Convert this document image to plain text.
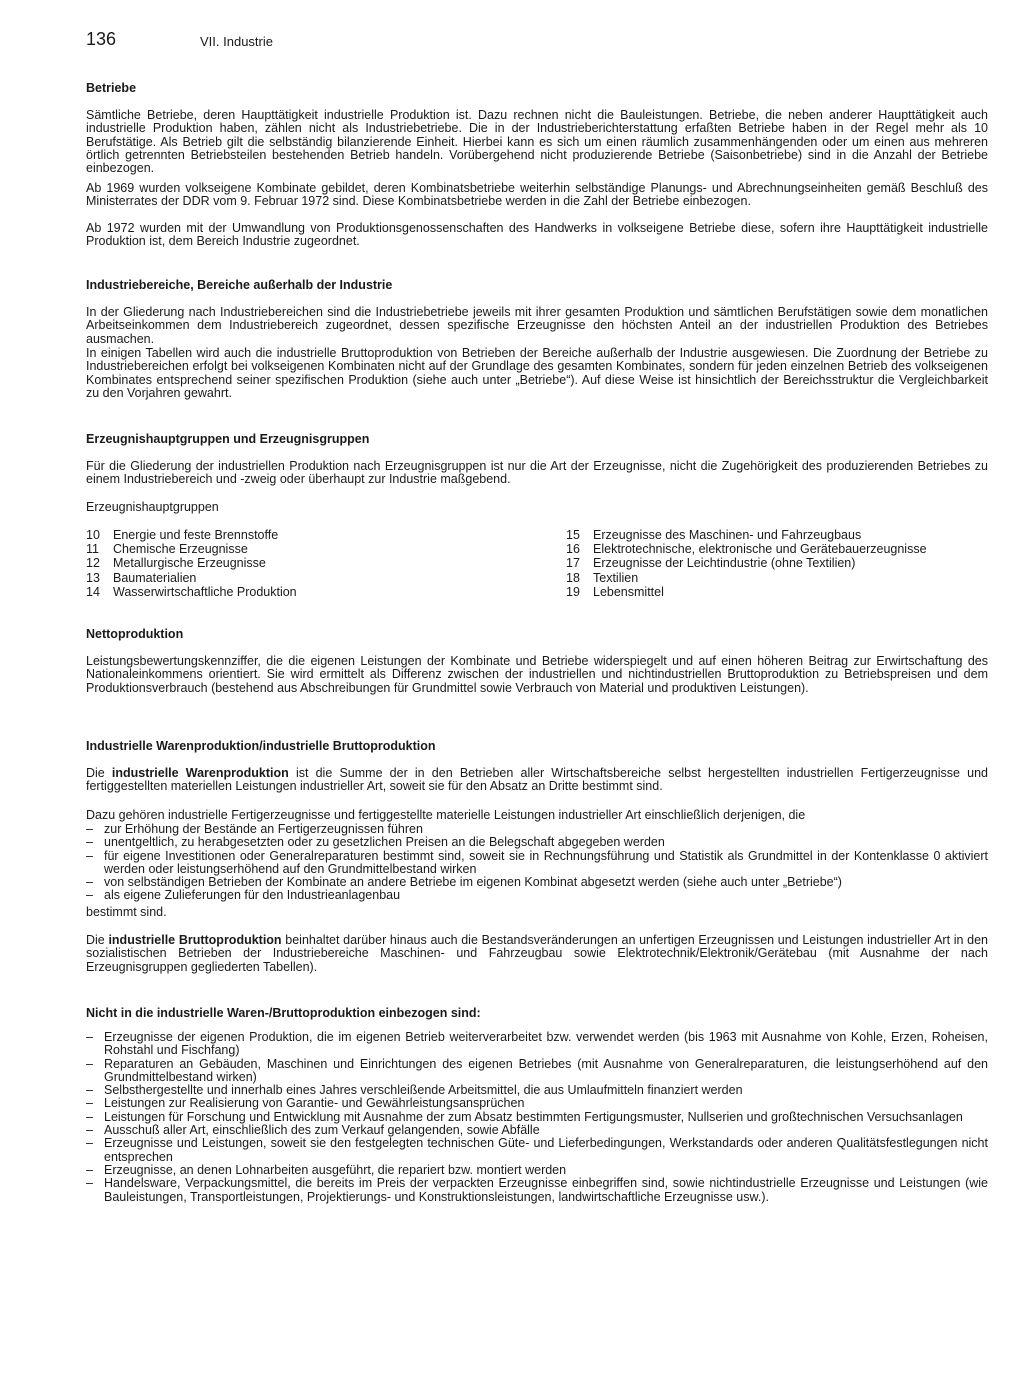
136	VII. Industrie
Betriebe
Sämtliche Betriebe, deren Haupttätigkeit industrielle Produktion ist. Dazu rechnen nicht die Bauleistungen. Betriebe, die neben anderer Haupttätigkeit auch industrielle Produktion haben, zählen nicht als Industriebetriebe. Die in der Industrieberichterstattung erfaßten Betriebe haben in der Regel mehr als 10 Berufstätige. Als Betrieb gilt die selbständig bilanzierende Einheit. Hierbei kann es sich um einen räumlich zusammenhängenden oder um einen aus mehreren örtlich getrennten Betriebsteilen bestehenden Betrieb handeln. Vorübergehend nicht produzierende Betriebe (Saisonbetriebe) sind in die Anzahl der Betriebe einbezogen.
Ab 1969 wurden volkseigene Kombinate gebildet, deren Kombinatsbetriebe weiterhin selbständige Planungs- und Abrechnungseinheiten gemäß Beschluß des Ministerrates der DDR vom 9. Februar 1972 sind. Diese Kombinatsbetriebe werden in die Zahl der Betriebe einbezogen.
Ab 1972 wurden mit der Umwandlung von Produktionsgenossenschaften des Handwerks in volkseigene Betriebe diese, sofern ihre Haupttätigkeit industrielle Produktion ist, dem Bereich Industrie zugeordnet.
Industriebereiche, Bereiche außerhalb der Industrie
In der Gliederung nach Industriebereichen sind die Industriebetriebe jeweils mit ihrer gesamten Produktion und sämtlichen Berufstätigen sowie dem monatlichen Arbeitseinkommen dem Industriebereich zugeordnet, dessen spezifische Erzeugnisse den höchsten Anteil an der industriellen Produktion des Betriebes ausmachen.
In einigen Tabellen wird auch die industrielle Bruttoproduktion von Betrieben der Bereiche außerhalb der Industrie ausgewiesen. Die Zuordnung der Betriebe zu Industriebereichen erfolgt bei volkseigenen Kombinaten nicht auf der Grundlage des gesamten Kombinates, sondern für jeden einzelnen Betrieb des volkseigenen Kombinates entsprechend seiner spezifischen Produktion (siehe auch unter „Betriebe“). Auf diese Weise ist hinsichtlich der Bereichsstruktur die Vergleichbarkeit zu den Vorjahren gewahrt.
Erzeugnishauptgruppen und Erzeugnisgruppen
Für die Gliederung der industriellen Produktion nach Erzeugnisgruppen ist nur die Art der Erzeugnisse, nicht die Zugehörigkeit des produzierenden Betriebes zu einem Industriebereich und -zweig oder überhaupt zur Industrie maßgebend.
Erzeugnishauptgruppen
10	Energie und feste Brennstoffe
11	Chemische Erzeugnisse
12	Metallurgische Erzeugnisse
13	Baumaterialien
14	Wasserwirtschaftliche Produktion
15	Erzeugnisse des Maschinen- und Fahrzeugbaus
16	Elektrotechnische, elektronische und Gerätebauerzeugnisse
17	Erzeugnisse der Leichtindustrie (ohne Textilien)
18	Textilien
19	Lebensmittel
Nettoproduktion
Leistungsbewertungskennziffer, die die eigenen Leistungen der Kombinate und Betriebe widerspiegelt und auf einen höheren Beitrag zur Erwirtschaftung des Nationaleinkommens orientiert. Sie wird ermittelt als Differenz zwischen der industriellen und nichtindustriellen Bruttoproduktion zu Betriebspreisen und dem Produktionsverbrauch (bestehend aus Abschreibungen für Grundmittel sowie Verbrauch von Material und produktiven Leistungen).
Industrielle Warenproduktion/industrielle Bruttoproduktion
Die industrielle Warenproduktion ist die Summe der in den Betrieben aller Wirtschaftsbereiche selbst hergestellten industriellen Fertigerzeugnisse und fertiggestellten materiellen Leistungen industrieller Art, soweit sie für den Absatz an Dritte bestimmt sind.
Dazu gehören industrielle Fertigerzeugnisse und fertiggestellte materielle Leistungen industrieller Art einschließlich derjenigen, die
– zur Erhöhung der Bestände an Fertigerzeugnissen führen
– unentgeltlich, zu herabgesetzten oder zu gesetzlichen Preisen an die Belegschaft abgegeben werden
– für eigene Investitionen oder Generalreparaturen bestimmt sind, soweit sie in Rechnungsführung und Statistik als Grundmittel in der Kontenklasse 0 aktiviert werden oder leistungserhöhend auf den Grundmittelbestand wirken
– von selbständigen Betrieben der Kombinate an andere Betriebe im eigenen Kombinat abgesetzt werden (siehe auch unter „Betriebe“)
– als eigene Zulieferungen für den Industrieanlagenbau
bestimmt sind.
Die industrielle Bruttoproduktion beinhaltet darüber hinaus auch die Bestandsveränderungen an unfertigen Erzeugnissen und Leistungen industrieller Art in den sozialistischen Betrieben der Industriebereiche Maschinen- und Fahrzeugbau sowie Elektrotechnik/Elektronik/Gerätebau (mit Ausnahme der nach Erzeugnisgruppen gegliederten Tabellen).
Nicht in die industrielle Waren-/Bruttoproduktion einbezogen sind:
– Erzeugnisse der eigenen Produktion, die im eigenen Betrieb weiterverarbeitet bzw. verwendet werden (bis 1963 mit Ausnahme von Kohle, Erzen, Roheisen, Rohstahl und Fischfang)
– Reparaturen an Gebäuden, Maschinen und Einrichtungen des eigenen Betriebes (mit Ausnahme von Generalreparaturen, die leistungserhöhend auf den Grundmittelbestand wirken)
– Selbsthergestellte und innerhalb eines Jahres verschleißende Arbeitsmittel, die aus Umlaufmitteln finanziert werden
– Leistungen zur Realisierung von Garantie- und Gewährleistungsansprüchen
– Leistungen für Forschung und Entwicklung mit Ausnahme der zum Absatz bestimmten Fertigungsmuster, Nullserien und großtechnischen Versuchsanlagen
– Ausschuß aller Art, einschließlich des zum Verkauf gelangenden, sowie Abfälle
– Erzeugnisse und Leistungen, soweit sie den festgelegten technischen Güte- und Lieferbedingungen, Werkstandards oder anderen Qualitätsfestlegungen nicht entsprechen
– Erzeugnisse, an denen Lohnarbeiten ausgeführt, die repariert bzw. montiert werden
– Handelsware, Verpackungsmittel, die bereits im Preis der verpackten Erzeugnisse einbegriffen sind, sowie nichtindustrielle Erzeugnisse und Leistungen (wie Bauleistungen, Transportleistungen, Projektierungs- und Konstruktionsleistungen, landwirtschaftliche Erzeugnisse usw.).
